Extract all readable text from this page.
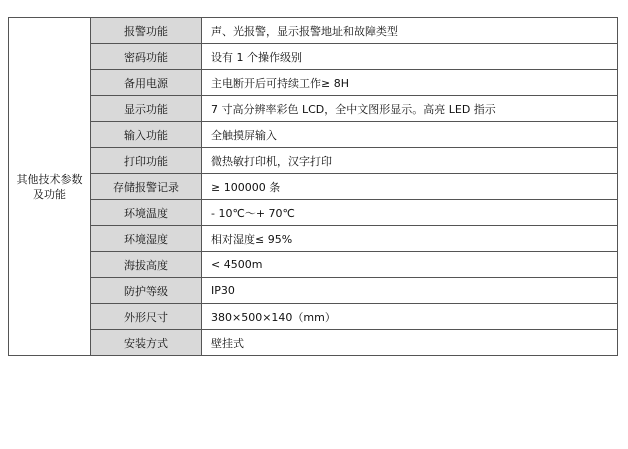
其他技术参数
及功能	报警功能	声、光报警，显示报警地址和故障类型
	密码功能	设有 1 个操作级别
	备用电源	主电断开后可持续工作≥ 8H
	显示功能	7 寸高分辨率彩色 LCD，全中文图形显示。高亮 LED 指示
	输入功能	全触摸屏输入
	打印功能	微热敏打印机，汉字打印
	存储报警记录	≥ 100000 条
	环境温度	- 10℃～+ 70℃
	环境湿度	相对湿度≤ 95%
	海拔高度	< 4500m
	防护等级	IP30
	外形尺寸	380×500×140（mm）
	安装方式	壁挂式
